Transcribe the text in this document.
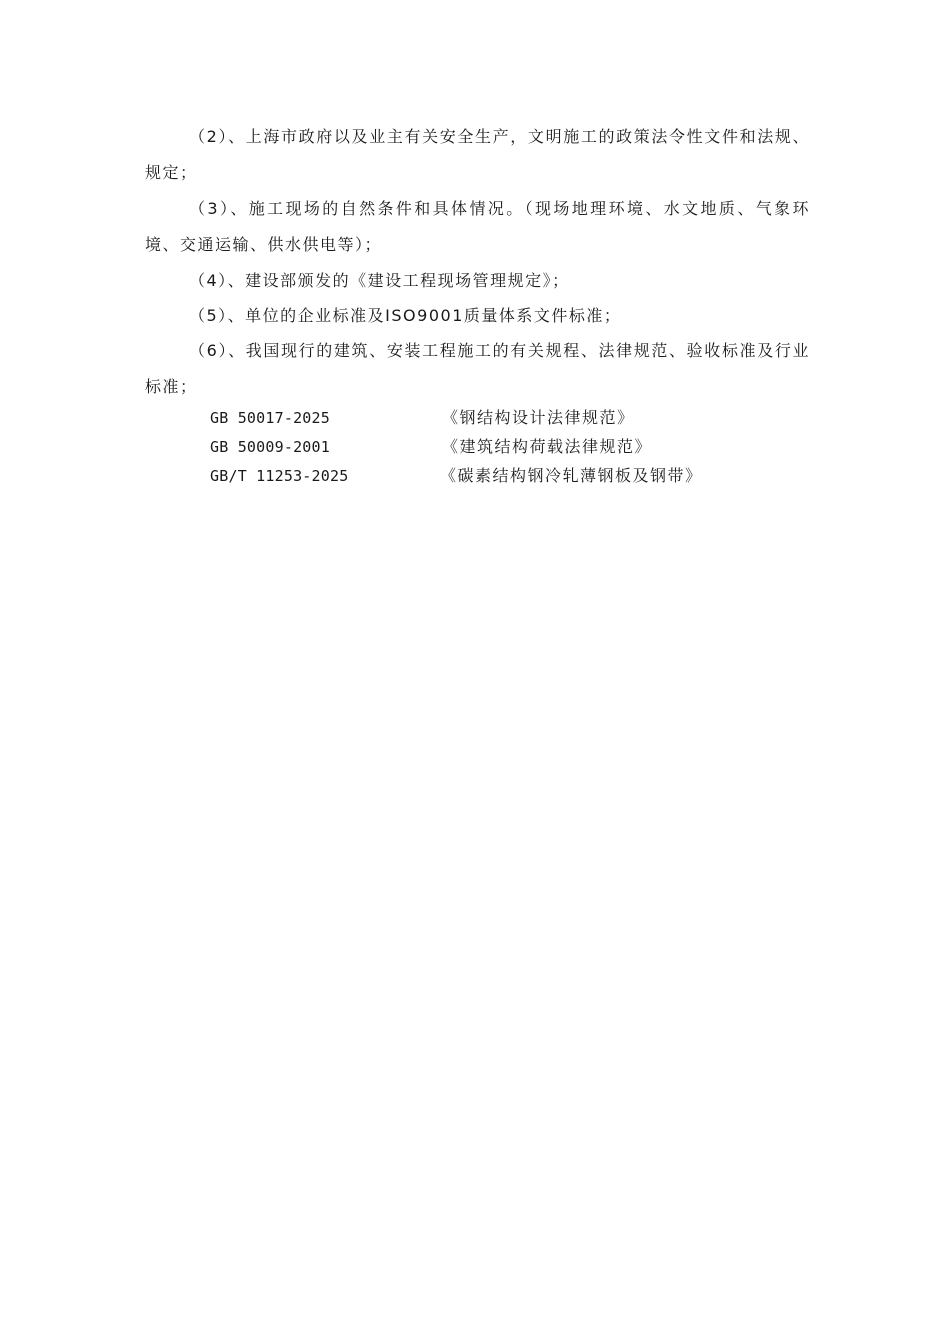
（2）、上海市政府以及业主有关安全生产，文明施工的政策法令性文件和法规、规定；

（3）、施工现场的自然条件和具体情况。（现场地理环境、水文地质、气象环境、交通运输、供水供电等）；

（4）、建设部颁发的《建设工程现场管理规定》；

（5）、单位的企业标准及ISO9001质量体系文件标准；

（6）、我国现行的建筑、安装工程施工的有关规程、法律规范、验收标准及行业标准；

GB 50017-2025	《钢结构设计法律规范》
GB 50009-2001	《建筑结构荷载法律规范》
GB/T 11253-2025	《碳素结构钢冷轧薄钢板及钢带》
